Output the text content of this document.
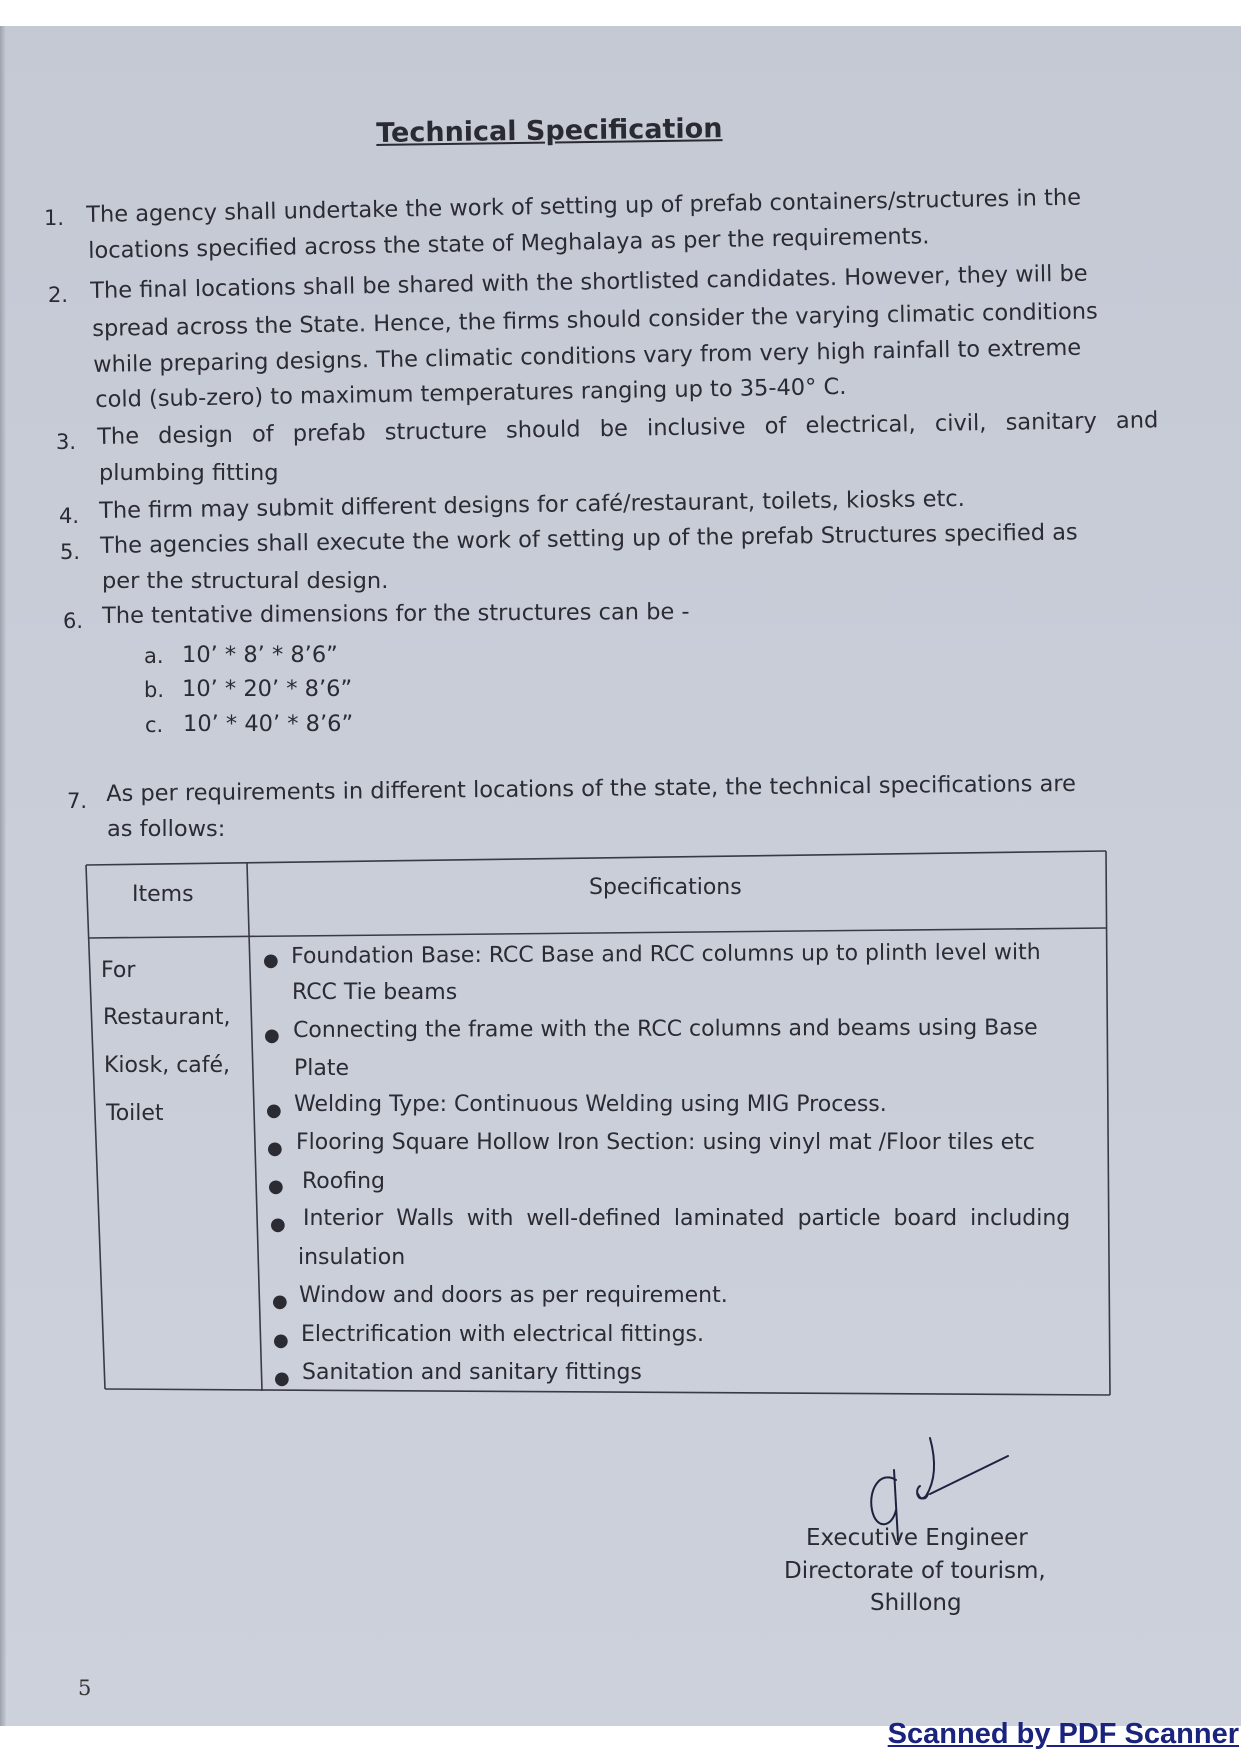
Technical Specification
1. The agency shall undertake the work of setting up of prefab containers/structures in the
locations specified across the state of Meghalaya as per the requirements.
2. The final locations shall be shared with the shortlisted candidates. However, they will be
spread across the State. Hence, the firms should consider the varying climatic conditions
while preparing designs. The climatic conditions vary from very high rainfall to extreme
cold (sub-zero) to maximum temperatures ranging up to 35-40° C.
3. The design of prefab structure should be inclusive of electrical, civil, sanitary and
plumbing fitting
4. The firm may submit different designs for café/restaurant, toilets, kiosks etc.
5. The agencies shall execute the work of setting up of the prefab Structures specified as
per the structural design.
6. The tentative dimensions for the structures can be -
a. 10’ * 8’ * 8’6”
b. 10’ * 20’ * 8’6”
c. 10’ * 40’ * 8’6”
7. As per requirements in different locations of the state, the technical specifications are
as follows:
Items	Specifications
For
Restaurant,
Kiosk, café,
Toilet
● Foundation Base: RCC Base and RCC columns up to plinth level with
RCC Tie beams
● Connecting the frame with the RCC columns and beams using Base
Plate
● Welding Type: Continuous Welding using MIG Process.
● Flooring Square Hollow Iron Section: using vinyl mat /Floor tiles etc
● Roofing
● Interior Walls with well-defined laminated particle board including
insulation
● Window and doors as per requirement.
● Electrification with electrical fittings.
● Sanitation and sanitary fittings
Executive Engineer
Directorate of tourism,
Shillong
5
Scanned by PDF Scanner
